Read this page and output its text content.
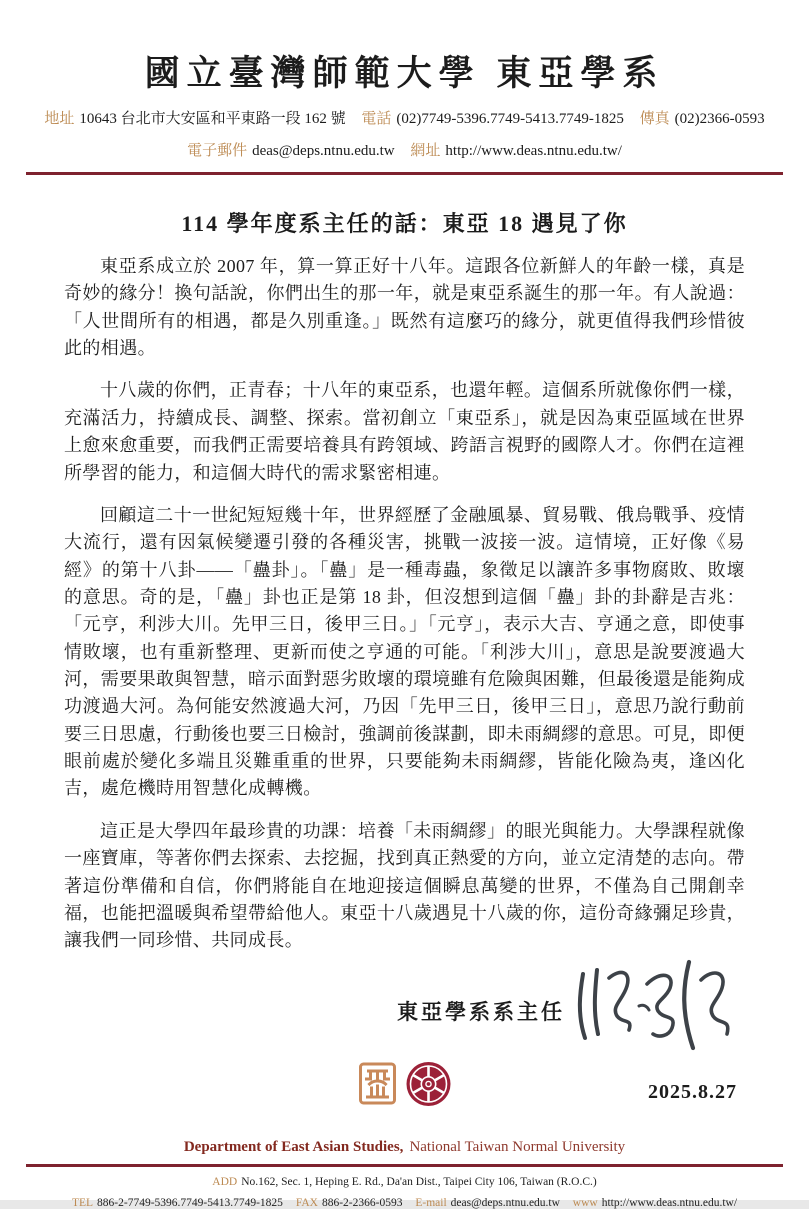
國立臺灣師範大學 東亞學系
地址 10643 台北市大安區和平東路一段 162 號 電話 (02)7749-5396.7749-5413.7749-1825 傳真 (02)2366-0593
電子郵件 deas@deps.ntnu.edu.tw 網址 http://www.deas.ntnu.edu.tw/
114 學年度系主任的話：東亞 18 遇見了你

東亞系成立於 2007 年，算一算正好十八年。這跟各位新鮮人的年齡一樣，真是奇妙的緣分！換句話說，你們出生的那一年，就是東亞系誕生的那一年。有人說過：「人世間所有的相遇，都是久別重逢。」既然有這麼巧的緣分，就更值得我們珍惜彼此的相遇。

十八歲的你們，正青春；十八年的東亞系，也還年輕。這個系所就像你們一樣，充滿活力，持續成長、調整、探索。當初創立「東亞系」，就是因為東亞區域在世界上愈來愈重要，而我們正需要培養具有跨領域、跨語言視野的國際人才。你們在這裡所學習的能力，和這個大時代的需求緊密相連。

回顧這二十一世紀短短幾十年，世界經歷了金融風暴、貿易戰、俄烏戰爭、疫情大流行，還有因氣候變遷引發的各種災害，挑戰一波接一波。這情境，正好像《易經》的第十八卦——「蠱卦」。「蠱」是一種毒蟲，象徵足以讓許多事物腐敗、敗壞的意思。奇的是，「蠱」卦也正是第 18 卦，但沒想到這個「蠱」卦的卦辭是吉兆：「元亨，利涉大川。先甲三日，後甲三日。」「元亨」，表示大吉、亨通之意，即使事情敗壞，也有重新整理、更新而使之亨通的可能。「利涉大川」，意思是說要渡過大河，需要果敢與智慧，暗示面對惡劣敗壞的環境雖有危險與困難，但最後還是能夠成功渡過大河。為何能安然渡過大河，乃因「先甲三日，後甲三日」，意思乃說行動前要三日思慮，行動後也要三日檢討，強調前後謀劃，即未雨綢繆的意思。可見，即便眼前處於變化多端且災難重重的世界，只要能夠未雨綢繆，皆能化險為夷，逢凶化吉，處危機時用智慧化成轉機。

這正是大學四年最珍貴的功課：培養「未雨綢繆」的眼光與能力。大學課程就像一座寶庫，等著你們去探索、去挖掘，找到真正熱愛的方向，並立定清楚的志向。帶著這份準備和自信，你們將能自在地迎接這個瞬息萬變的世界，不僅為自己開創幸福，也能把溫暖與希望帶給他人。東亞十八歲遇見十八歲的你，這份奇緣彌足珍貴，讓我們一同珍惜、共同成長。

東亞學系系主任
2025.8.27
Department of East Asian Studies, National Taiwan Normal University
ADD No.162, Sec. 1, Heping E. Rd., Da'an Dist., Taipei City 106, Taiwan (R.O.C.)
TEL 886-2-7749-5396.7749-5413.7749-1825 FAX 886-2-2366-0593 E-mail deas@deps.ntnu.edu.tw www http://www.deas.ntnu.edu.tw/
